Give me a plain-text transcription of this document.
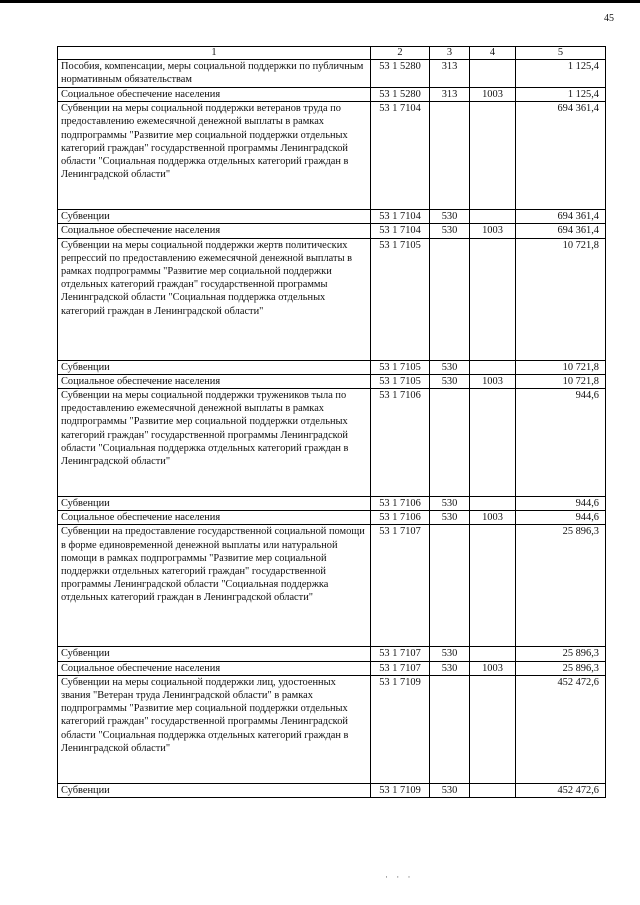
45
1	2	3	4	5
Пособия, компенсации, меры социальной поддержки по публичным нормативным обязательствам	53 1 5280	313		1 125,4
Социальное обеспечение населения	53 1 5280	313	1003	1 125,4
Субвенции на меры социальной поддержки ветеранов труда по предоставлению ежемесячной денежной выплаты в рамках подпрограммы "Развитие мер социальной поддержки отдельных категорий граждан" государственной программы Ленинградской области "Социальная поддержка отдельных категорий граждан в Ленинградской области"	53 1 7104			694 361,4
Субвенции	53 1 7104	530		694 361,4
Социальное обеспечение населения	53 1 7104	530	1003	694 361,4
Субвенции на меры социальной поддержки жертв политических репрессий по предоставлению ежемесячной денежной выплаты в рамках подпрограммы "Развитие мер социальной поддержки отдельных категорий граждан" государственной программы Ленинградской области "Социальная поддержка отдельных категорий граждан в Ленинградской области"	53 1 7105			10 721,8
Субвенции	53 1 7105	530		10 721,8
Социальное обеспечение населения	53 1 7105	530	1003	10 721,8
Субвенции на меры социальной поддержки тружеников тыла по предоставлению ежемесячной денежной выплаты в рамках подпрограммы "Развитие мер социальной поддержки отдельных категорий граждан" государственной программы Ленинградской области "Социальная поддержка отдельных категорий граждан в Ленинградской области"	53 1 7106			944,6
Субвенции	53 1 7106	530		944,6
Социальное обеспечение населения	53 1 7106	530	1003	944,6
Субвенции на предоставление государственной социальной помощи в форме единовременной денежной выплаты или натуральной помощи в рамках подпрограммы "Развитие мер социальной поддержки отдельных категорий граждан" государственной программы Ленинградской области "Социальная поддержка отдельных категорий граждан в Ленинградской области"	53 1 7107			25 896,3
Субвенции	53 1 7107	530		25 896,3
Социальное обеспечение населения	53 1 7107	530	1003	25 896,3
Субвенции на меры социальной поддержки лиц, удостоенных звания "Ветеран труда Ленинградской области" в рамках подпрограммы "Развитие мер социальной поддержки отдельных категорий граждан" государственной программы Ленинградской области "Социальная поддержка отдельных категорий граждан в Ленинградской области"	53 1 7109			452 472,6
Субвенции	53 1 7109	530		452 472,6
· · ·
